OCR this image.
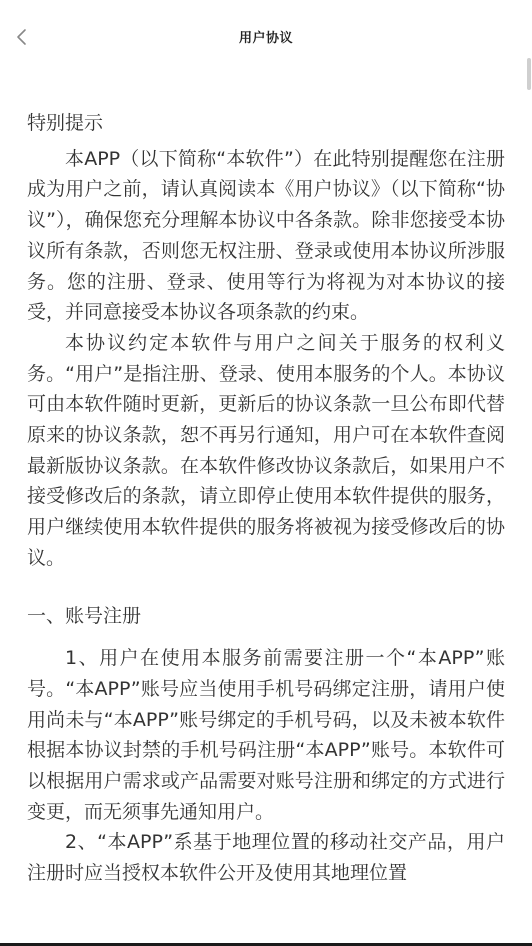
用户协议
特别提示

本APP（以下简称“本软件”）在此特别提醒您在注册成为用户之前，请认真阅读本《用户协议》（以下简称“协议”），确保您充分理解本协议中各条款。除非您接受本协议所有条款，否则您无权注册、登录或使用本协议所涉服务。您的注册、登录、使用等行为将视为对本协议的接受，并同意接受本协议各项条款的约束。

本协议约定本软件与用户之间关于服务的权利义务。“用户”是指注册、登录、使用本服务的个人。本协议可由本软件随时更新，更新后的协议条款一旦公布即代替原来的协议条款，恕不再另行通知，用户可在本软件查阅最新版协议条款。在本软件修改协议条款后，如果用户不接受修改后的条款，请立即停止使用本软件提供的服务，用户继续使用本软件提供的服务将被视为接受修改后的协议。

一、账号注册

1、用户在使用本服务前需要注册一个“本APP”账号。“本APP”账号应当使用手机号码绑定注册，请用户使用尚未与“本APP”账号绑定的手机号码，以及未被本软件根据本协议封禁的手机号码注册“本APP”账号。本软件可以根据用户需求或产品需要对账号注册和绑定的方式进行变更，而无须事先通知用户。

2、“本APP”系基于地理位置的移动社交产品，用户注册时应当授权本软件公开及使用其地理位置
